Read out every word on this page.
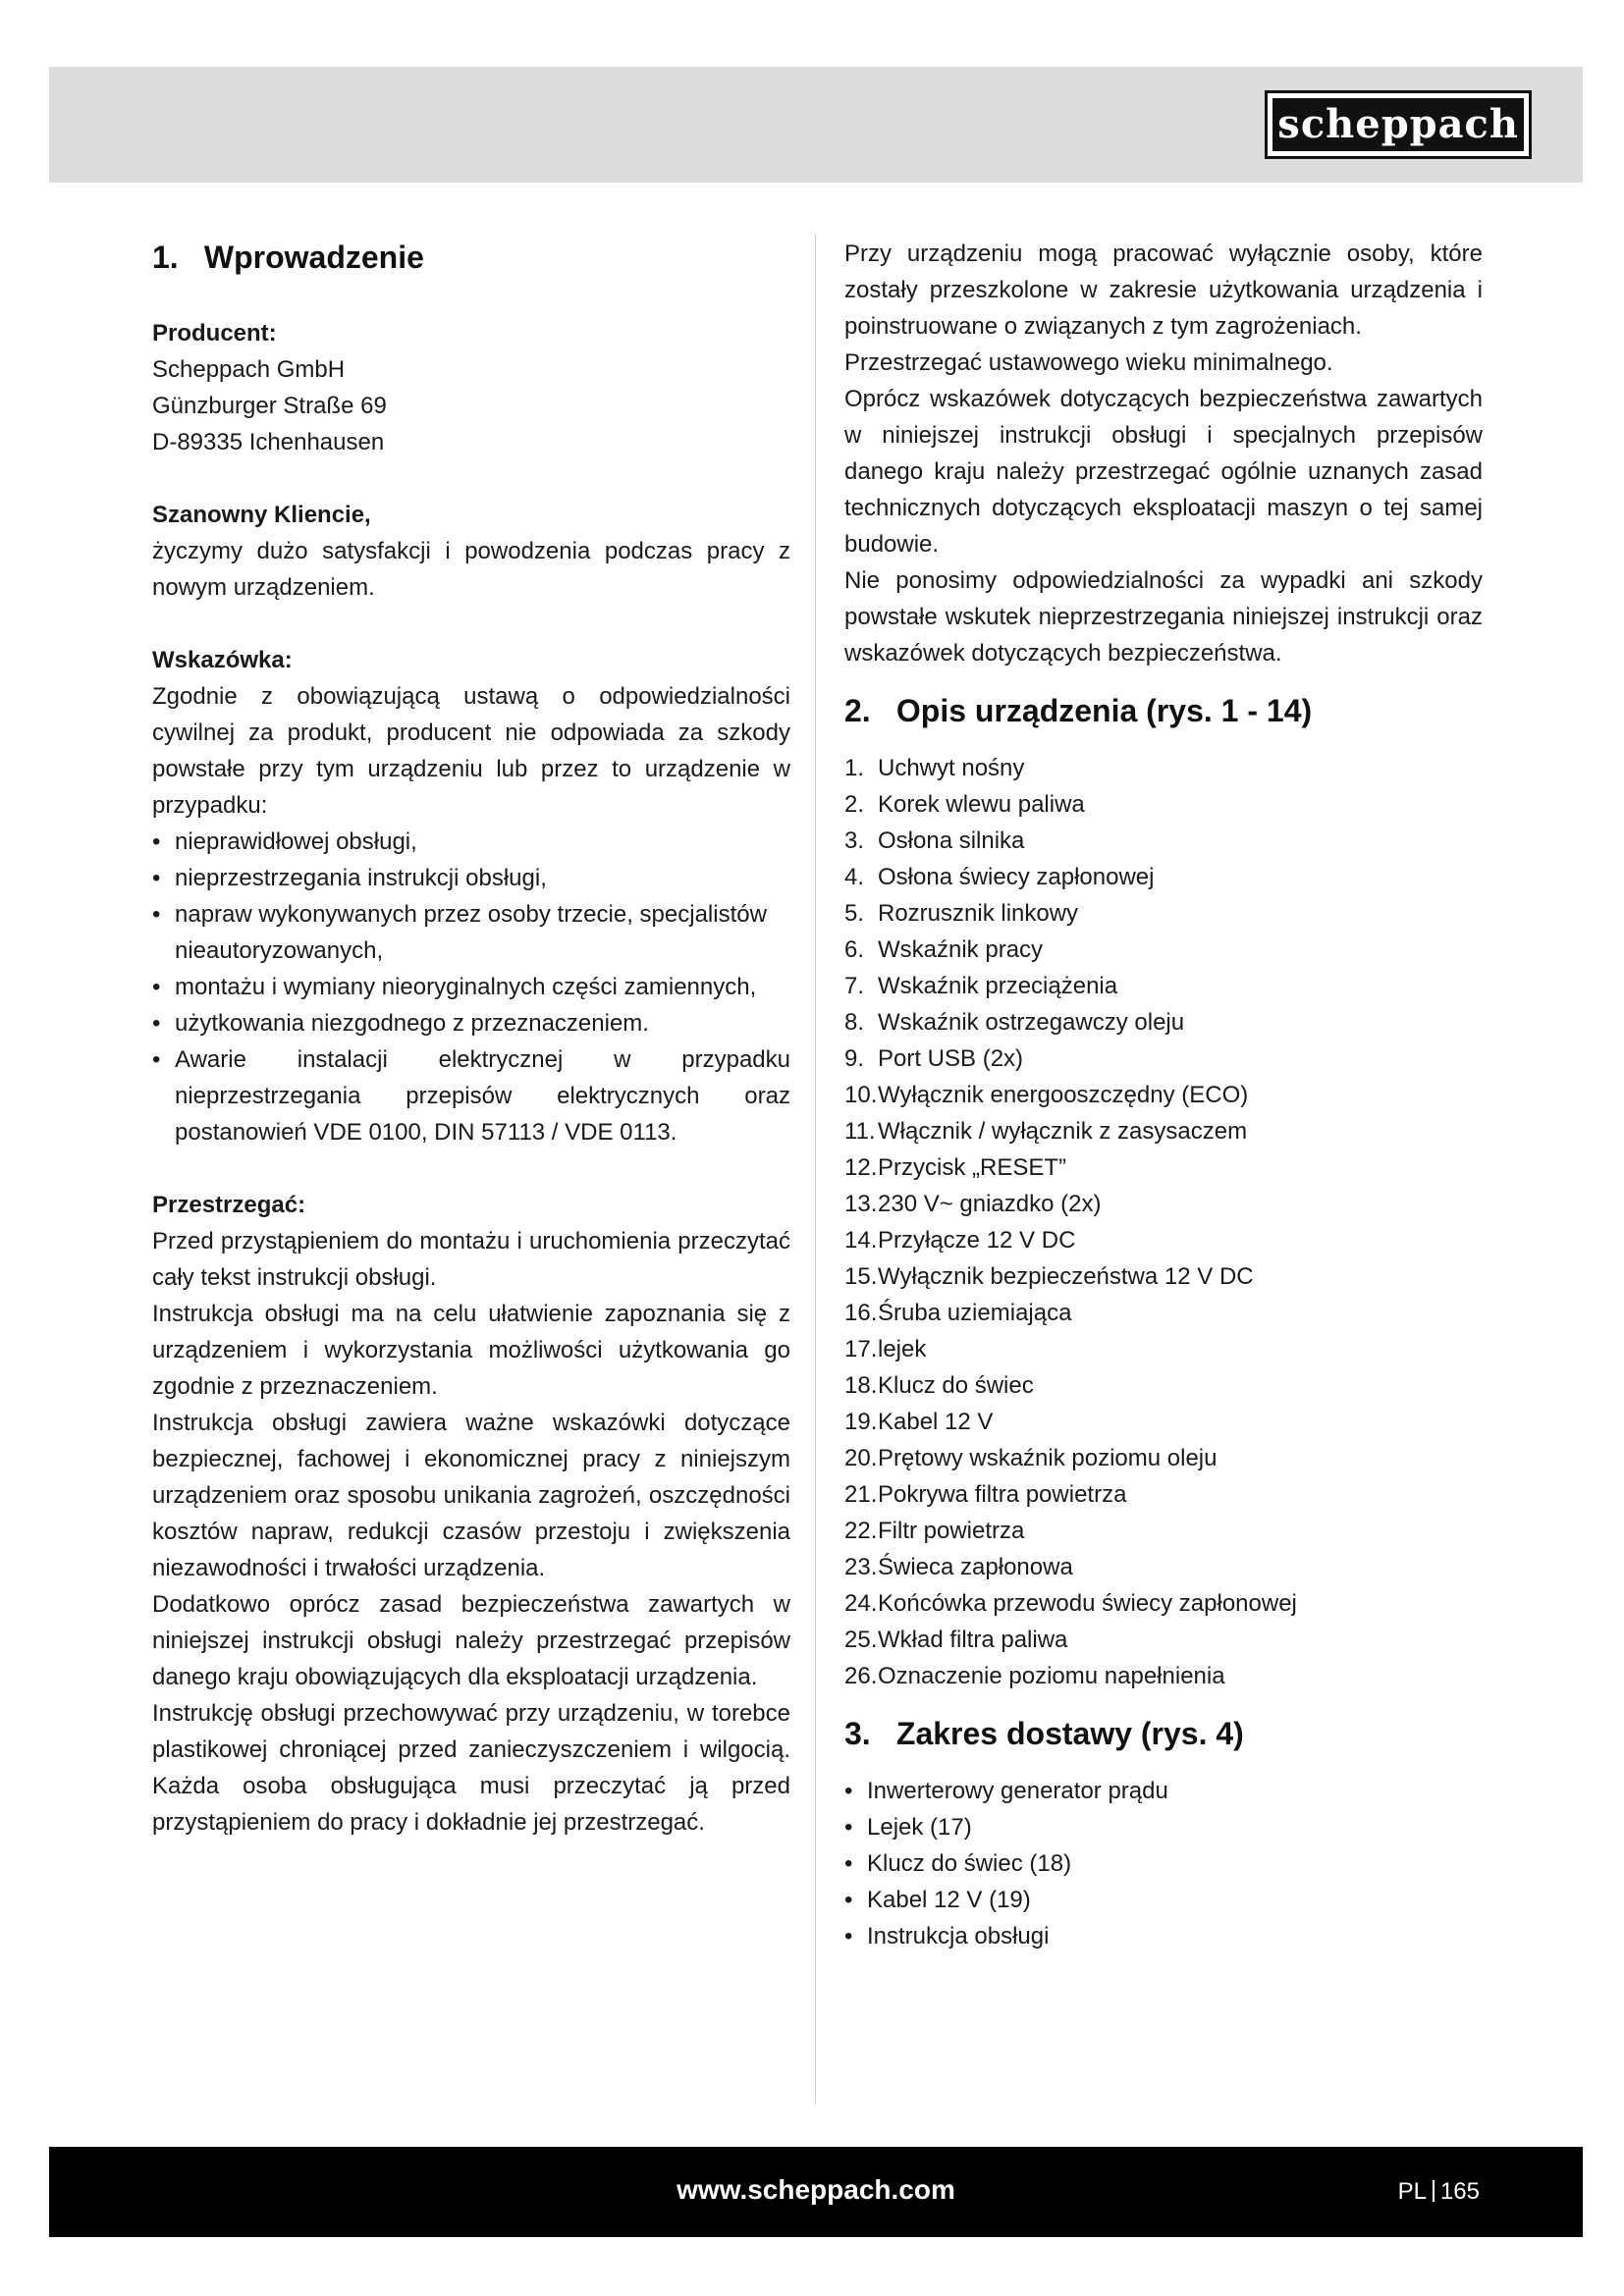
scheppach
1. Wprowadzenie

Producent:

Scheppach GmbH

Günzburger Straße 69

D-89335 Ichenhausen

Szanowny Kliencie,

życzymy dużo satysfakcji i powodzenia podczas pracy z nowym urządzeniem.

Wskazówka:

Zgodnie z obowiązującą ustawą o odpowiedzialności cywilnej za produkt, producent nie odpowiada za szkody powstałe przy tym urządzeniu lub przez to urządzenie w przypadku:

• nieprawidłowej obsługi,
• nieprzestrzegania instrukcji obsługi,
• napraw wykonywanych przez osoby trzecie, specjalistów nieautoryzowanych,
• montażu i wymiany nieoryginalnych części zamiennych,
• użytkowania niezgodnego z przeznaczeniem.
• Awarie instalacji elektrycznej w przypadku nieprzestrzegania przepisów elektrycznych oraz postanowień VDE 0100, DIN 57113 / VDE 0113.

Przestrzegać:

Przed przystąpieniem do montażu i uruchomienia przeczytać cały tekst instrukcji obsługi.

Instrukcja obsługi ma na celu ułatwienie zapoznania się z urządzeniem i wykorzystania możliwości użytkowania go zgodnie z przeznaczeniem.

Instrukcja obsługi zawiera ważne wskazówki dotyczące bezpiecznej, fachowej i ekonomicznej pracy z niniejszym urządzeniem oraz sposobu unikania zagrożeń, oszczędności kosztów napraw, redukcji czasów przestoju i zwiększenia niezawodności i trwałości urządzenia.

Dodatkowo oprócz zasad bezpieczeństwa zawartych w niniejszej instrukcji obsługi należy przestrzegać przepisów danego kraju obowiązujących dla eksploatacji urządzenia.

Instrukcję obsługi przechowywać przy urządzeniu, w torebce plastikowej chroniącej przed zanieczyszczeniem i wilgocią. Każda osoba obsługująca musi przeczytać ją przed przystąpieniem do pracy i dokładnie jej przestrzegać.

Przy urządzeniu mogą pracować wyłącznie osoby, które zostały przeszkolone w zakresie użytkowania urządzenia i poinstruowane o związanych z tym zagrożeniach.

Przestrzegać ustawowego wieku minimalnego.

Oprócz wskazówek dotyczących bezpieczeństwa zawartych w niniejszej instrukcji obsługi i specjalnych przepisów danego kraju należy przestrzegać ogólnie uznanych zasad technicznych dotyczących eksploatacji maszyn o tej samej budowie.

Nie ponosimy odpowiedzialności za wypadki ani szkody powstałe wskutek nieprzestrzegania niniejszej instrukcji oraz wskazówek dotyczących bezpieczeństwa.

2. Opis urządzenia (rys. 1 - 14)
1. Uchwyt nośny
2. Korek wlewu paliwa
3. Osłona silnika
4. Osłona świecy zapłonowej
5. Rozrusznik linkowy
6. Wskaźnik pracy
7. Wskaźnik przeciążenia
8. Wskaźnik ostrzegawczy oleju
9. Port USB (2x)
10.Wyłącznik energooszczędny (ECO)
11. Włącznik / wyłącznik z zasysaczem
12.Przycisk „RESET”
13.230 V~ gniazdko (2x)
14.Przyłącze 12 V DC
15.Wyłącznik bezpieczeństwa 12 V DC
16.Śruba uziemiająca
17.lejek
18.Klucz do świec
19.Kabel 12 V
20.Prętowy wskaźnik poziomu oleju
21.Pokrywa filtra powietrza
22.Filtr powietrza
23.Świeca zapłonowa
24.Końcówka przewodu świecy zapłonowej
25.Wkład filtra paliwa
26.Oznaczenie poziomu napełnienia
3. Zakres dostawy (rys. 4)
• Inwerterowy generator prądu
• Lejek (17)
• Klucz do świec (18)
• Kabel 12 V (19)
• Instrukcja obsługi
www.scheppach.com	PL 165
